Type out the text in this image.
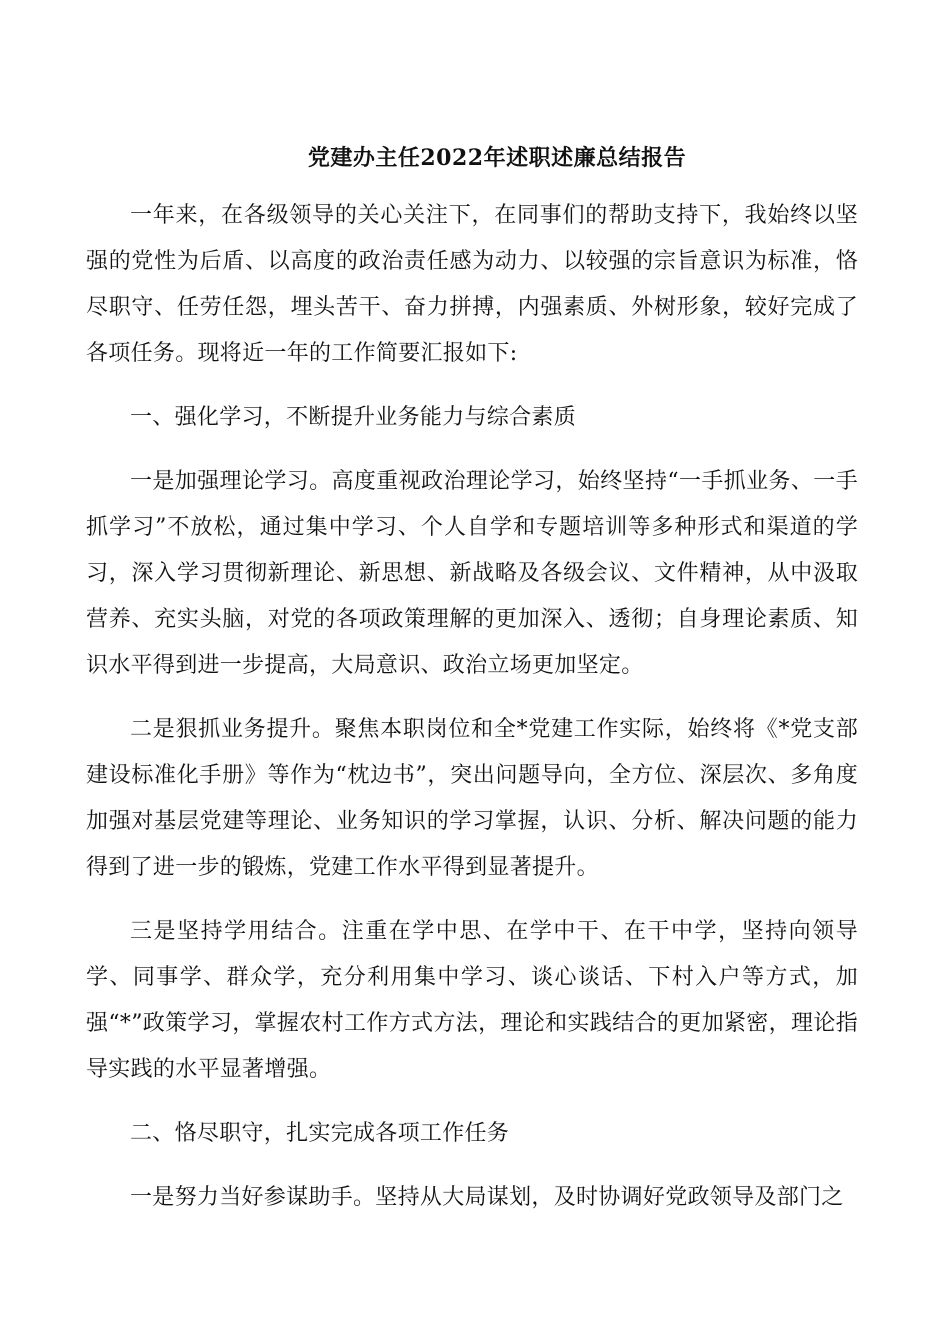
党建办主任2022年述职述廉总结报告

一年来，在各级领导的关心关注下，在同事们的帮助支持下，我始终以坚强的党性为后盾、以高度的政治责任感为动力、以较强的宗旨意识为标准，恪尽职守、任劳任怨，埋头苦干、奋力拼搏，内强素质、外树形象，较好完成了各项任务。现将近一年的工作简要汇报如下:

一、强化学习，不断提升业务能力与综合素质

一是加强理论学习。高度重视政治理论学习，始终坚持“一手抓业务、一手抓学习”不放松，通过集中学习、个人自学和专题培训等多种形式和渠道的学习，深入学习贯彻新理论、新思想、新战略及各级会议、文件精神，从中汲取营养、充实头脑，对党的各项政策理解的更加深入、透彻；自身理论素质、知识水平得到进一步提高，大局意识、政治立场更加坚定。

二是狠抓业务提升。聚焦本职岗位和全*党建工作实际，始终将《*党支部建设标准化手册》等作为“枕边书”，突出问题导向，全方位、深层次、多角度加强对基层党建等理论、业务知识的学习掌握，认识、分析、解决问题的能力得到了进一步的锻炼，党建工作水平得到显著提升。

三是坚持学用结合。注重在学中思、在学中干、在干中学，坚持向领导学、同事学、群众学，充分利用集中学习、谈心谈话、下村入户等方式，加强“*”政策学习，掌握农村工作方式方法，理论和实践结合的更加紧密，理论指导实践的水平显著增强。

二、恪尽职守，扎实完成各项工作任务

一是努力当好参谋助手。坚持从大局谋划，及时协调好党政领导及部门之
